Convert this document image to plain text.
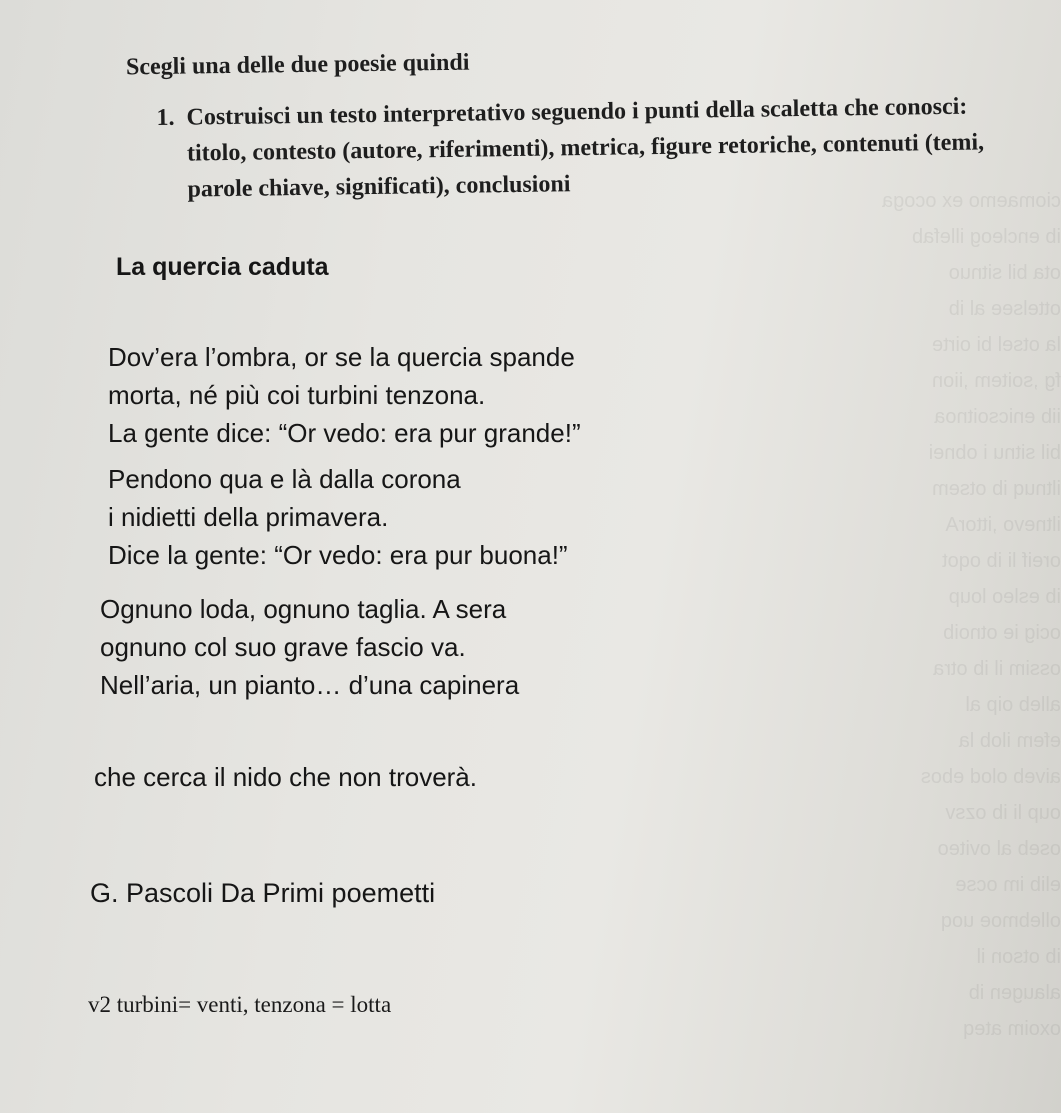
ciomaemo ex ocoga
ib encleog illefab
ota bil sitnuo
ottelsee al ib
la otsel bi oirte
fg ,soitem ,iion
iib enicsoitnoa
bil sitnu i obnei
iltnuq ib otsem
iltnevo ,ittorA
oreif li ib oqot
ib esleo loup
ocig ie otnoib
ossim il ib otra
alleb oip al
efem ilob la
aiveb olod ebos
oup li ib ozsv
oseb al oviteo
elib im ocse
ollebmoe uoq
ib otson il
alaugen ib
oxoim ateq
Scegli una delle due poesie quindi
1. Costruisci un testo interpretativo seguendo i punti della scaletta che conosci: titolo, contesto (autore, riferimenti), metrica, figure retoriche, contenuti (temi, parole chiave, significati), conclusioni
La quercia caduta
Dov’era l’ombra, or se la quercia spande
morta, né più coi turbini tenzona.
La gente dice: “Or vedo: era pur grande!”
Pendono qua e là dalla corona
i nidietti della primavera.
Dice la gente: “Or vedo: era pur buona!”
Ognuno loda, ognuno taglia. A sera
ognuno col suo grave fascio va.
Nell’aria, un pianto… d’una capinera
che cerca il nido che non troverà.
G. Pascoli Da Primi poemetti
v2 turbini= venti, tenzona = lotta
